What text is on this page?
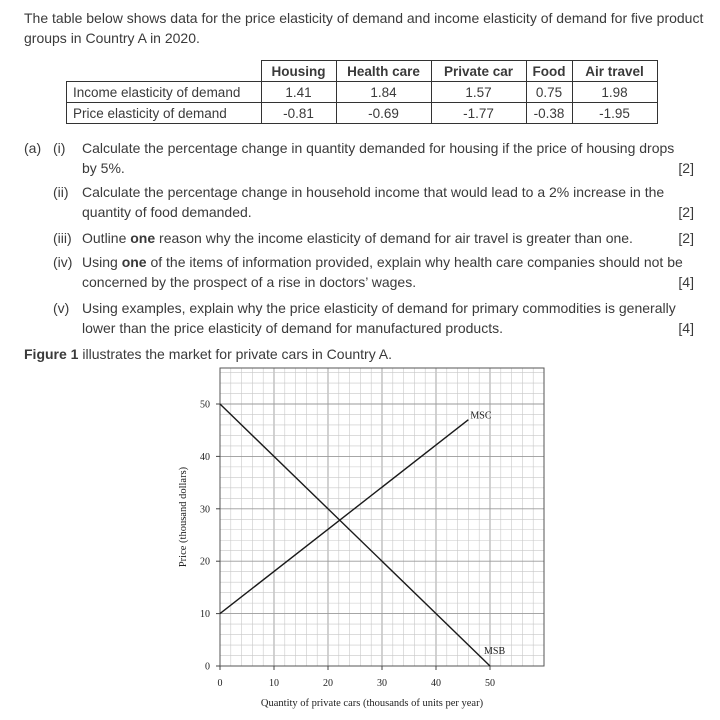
The table below shows data for the price elasticity of demand and income elasticity of demand for five product groups in Country A in 2020.
	Housing	Health care	Private car	Food	Air travel
Income elasticity of demand	1.41	1.84	1.57	0.75	1.98
Price elasticity of demand	-0.81	-0.69	-1.77	-0.38	-1.95
(a) (i) Calculate the percentage change in quantity demanded for housing if the price of housing drops
by 5%.	[2]
(ii) Calculate the percentage change in household income that would lead to a 2% increase in the
quantity of food demanded.	[2]
(iii) Outline one reason why the income elasticity of demand for air travel is greater than one.	[2]
(iv) Using one of the items of information provided, explain why health care companies should not be
concerned by the prospect of a rise in doctors’ wages.	[4]
(v) Using examples, explain why the price elasticity of demand for primary commodities is generally
lower than the price elasticity of demand for manufactured products.	[4]
Figure 1 illustrates the market for private cars in Country A.
0	10	20	30	40	50
0
10
20
30
40
50
Quantity of private cars (thousands of units per year)
Price (thousand dollars)
MSC
MSB
